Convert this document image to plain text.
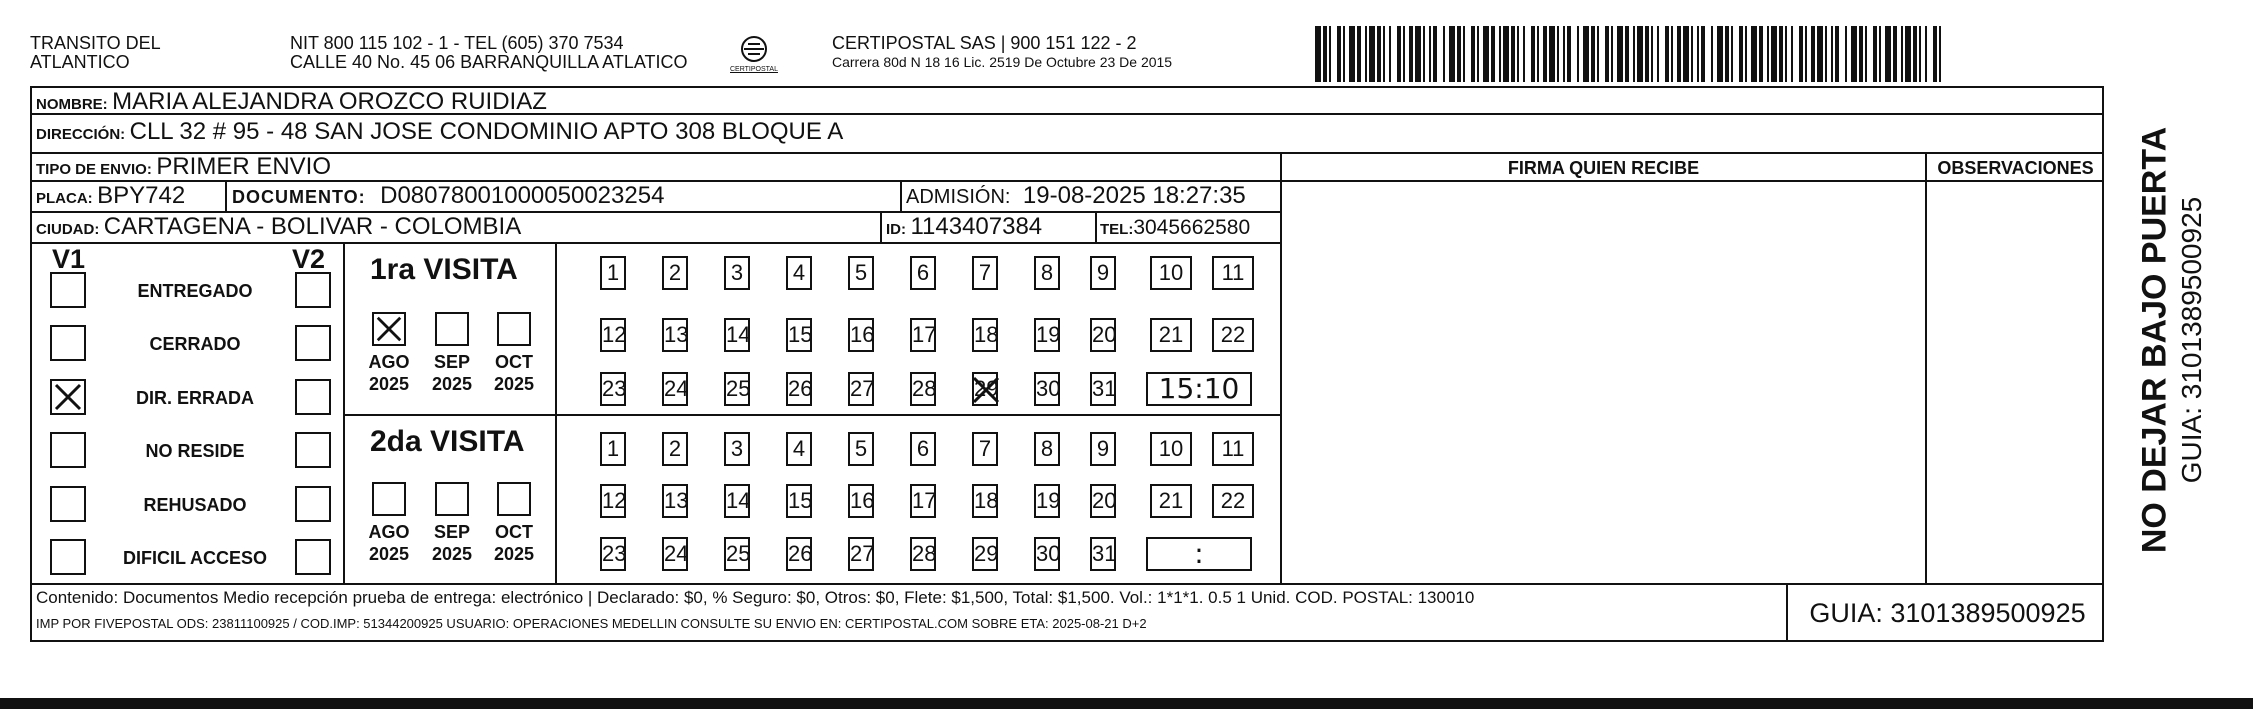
TRANSITO DEL
ATLANTICO
NIT 800 115 102 - 1 - TEL (605) 370 7534
CALLE 40 No. 45 06 BARRANQUILLA ATLATICO	CERTIPOSTAL
CERTIPOSTAL SAS | 900 151 122 - 2
Carrera 80d N 18 16 Lic. 2519 De Octubre 23 De 2015
NOMBRE: MARIA ALEJANDRA OROZCO RUIDIAZ
DIRECCIÓN: CLL 32 # 95 - 48 SAN JOSE CONDOMINIO APTO 308 BLOQUE A
TIPO DE ENVIO: PRIMER ENVIO	FIRMA QUIEN RECIBE	OBSERVACIONES
PLACA: BPY742	DOCUMENTO: D08078001000050023254	ADMISIÓN: 19-08-2025 18:27:35
CIUDAD: CARTAGENA - BOLIVAR - COLOMBIA	ID: 1143407384	TEL:3045662580
V1	V2
ENTREGADO
CERRADO
DIR. ERRADA
NO RESIDE
REHUSADO
DIFICIL ACCESO
1ra VISITA
AGO
2025
SEP
2025
OCT
2025
1	2	3	4	5	6	7	8	9	10	11
12 13 14 15 16 17 18 19 20	21	22
23 24 25 26 27 28 29 30 31	15:10
2da VISITA
AGO
2025
SEP
2025
OCT
2025
1	2	3	4	5	6	7	8	9	10	11
12 13 14 15 16 17 18 19 20	21	22
23 24 25 26 27 28 29 30 31	:
Contenido: Documentos Medio recepción prueba de entrega: electrónico | Declarado: $0, % Seguro: $0, Otros: $0, Flete: $1,500, Total: $1,500. Vol.: 1*1*1. 0.5 1 Unid. COD. POSTAL: 130010
IMP POR FIVEPOSTAL ODS: 23811100925 / COD.IMP: 51344200925 USUARIO: OPERACIONES MEDELLIN CONSULTE SU ENVIO EN: CERTIPOSTAL.COM SOBRE ETA: 2025-08-21 D+2	GUIA: 3101389500925
NO DEJAR BAJO PUERTA GUIA: 3101389500925
